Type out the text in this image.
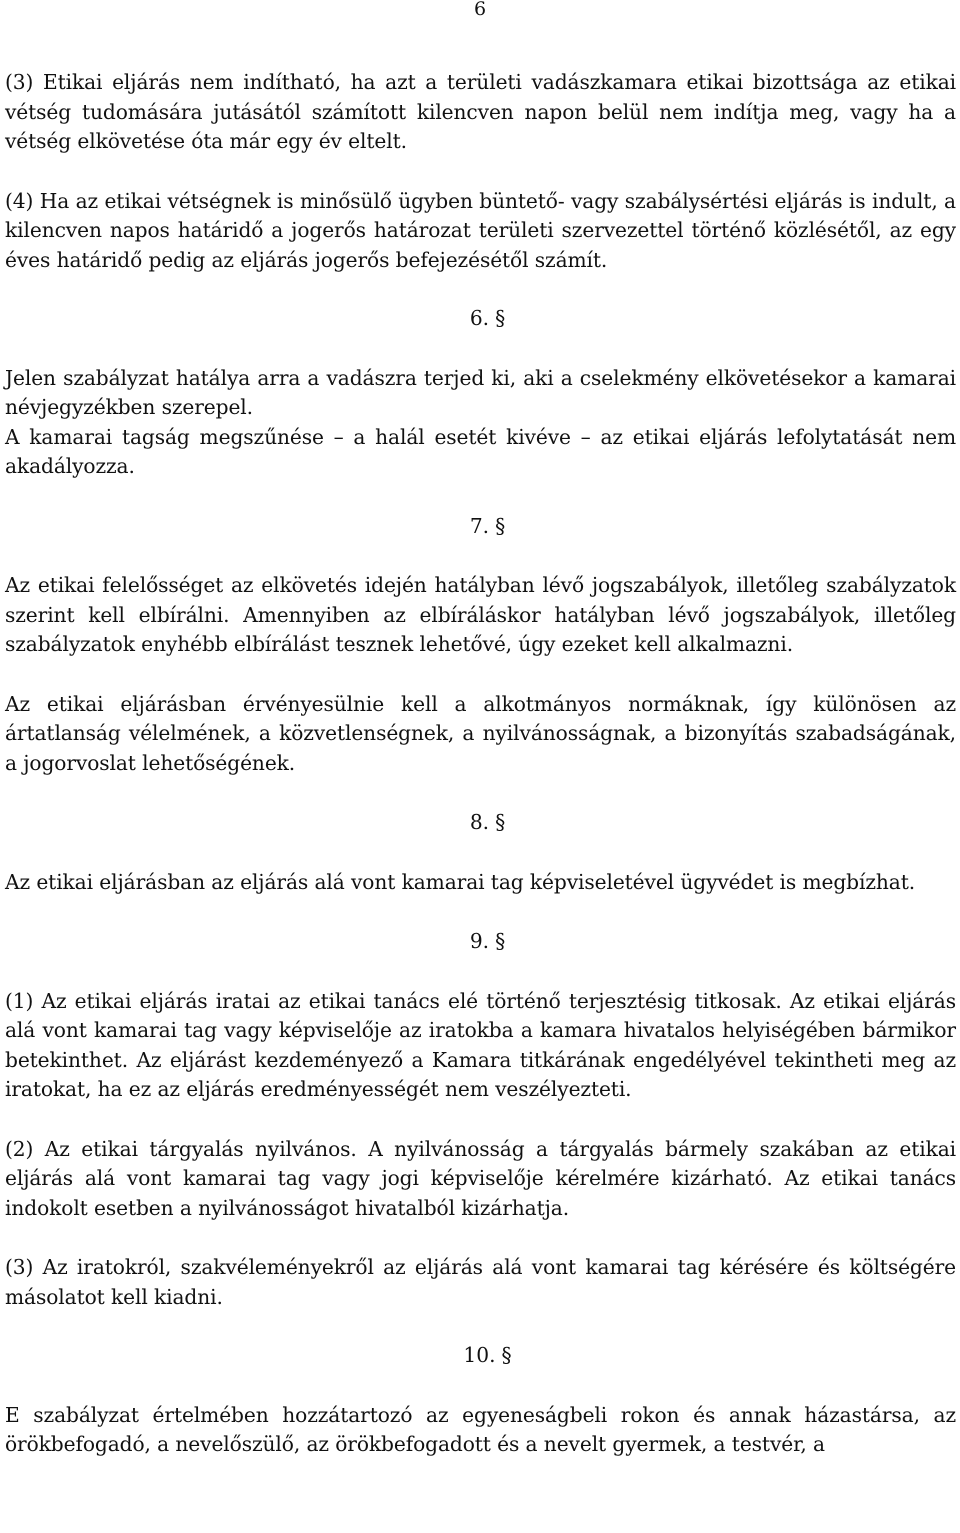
6

(3) Etikai eljárás nem indítható, ha azt a területi vadászkamara etikai bizottsága az etikai vétség tudomására jutásától számított kilencven napon belül nem indítja meg, vagy ha a vétség elkövetése óta már egy év eltelt.

(4) Ha az etikai vétségnek is minősülő ügyben büntető- vagy szabálysértési eljárás is indult, a kilencven napos határidő a jogerős határozat területi szervezettel történő közlésétől, az egy éves határidő pedig az eljárás jogerős befejezésétől számít.

6. §

Jelen szabályzat hatálya arra a vadászra terjed ki, aki a cselekmény elkövetésekor a kamarai névjegyzékben szerepel.

A kamarai tagság megszűnése – a halál esetét kivéve – az etikai eljárás lefolytatását nem akadályozza.

7. §

Az etikai felelősséget az elkövetés idején hatályban lévő jogszabályok, illetőleg szabályzatok szerint kell elbírálni. Amennyiben az elbíráláskor hatályban lévő jogszabályok, illetőleg szabályzatok enyhébb elbírálást tesznek lehetővé, úgy ezeket kell alkalmazni.

Az etikai eljárásban érvényesülnie kell a alkotmányos normáknak, így különösen az ártatlanság vélelmének, a közvetlenségnek, a nyilvánosságnak, a bizonyítás szabadságának, a jogorvoslat lehetőségének.

8. §

Az etikai eljárásban az eljárás alá vont kamarai tag képviseletével ügyvédet is megbízhat.

9. §

(1) Az etikai eljárás iratai az etikai tanács elé történő terjesztésig titkosak. Az etikai eljárás alá vont kamarai tag vagy képviselője az iratokba a kamara hivatalos helyiségében bármikor betekinthet. Az eljárást kezdeményező a Kamara titkárának engedélyével tekintheti meg az iratokat, ha ez az eljárás eredményességét nem veszélyezteti.

(2) Az etikai tárgyalás nyilvános. A nyilvánosság a tárgyalás bármely szakában az etikai eljárás alá vont kamarai tag vagy jogi képviselője kérelmére kizárható. Az etikai tanács indokolt esetben a nyilvánosságot hivatalból kizárhatja.

(3) Az iratokról, szakvéleményekről az eljárás alá vont kamarai tag kérésére és költségére másolatot kell kiadni.

10. §

E szabályzat értelmében hozzátartozó az egyeneságbeli rokon és annak házastársa, az örökbefogadó, a nevelőszülő, az örökbefogadott és a nevelt gyermek, a testvér, a
